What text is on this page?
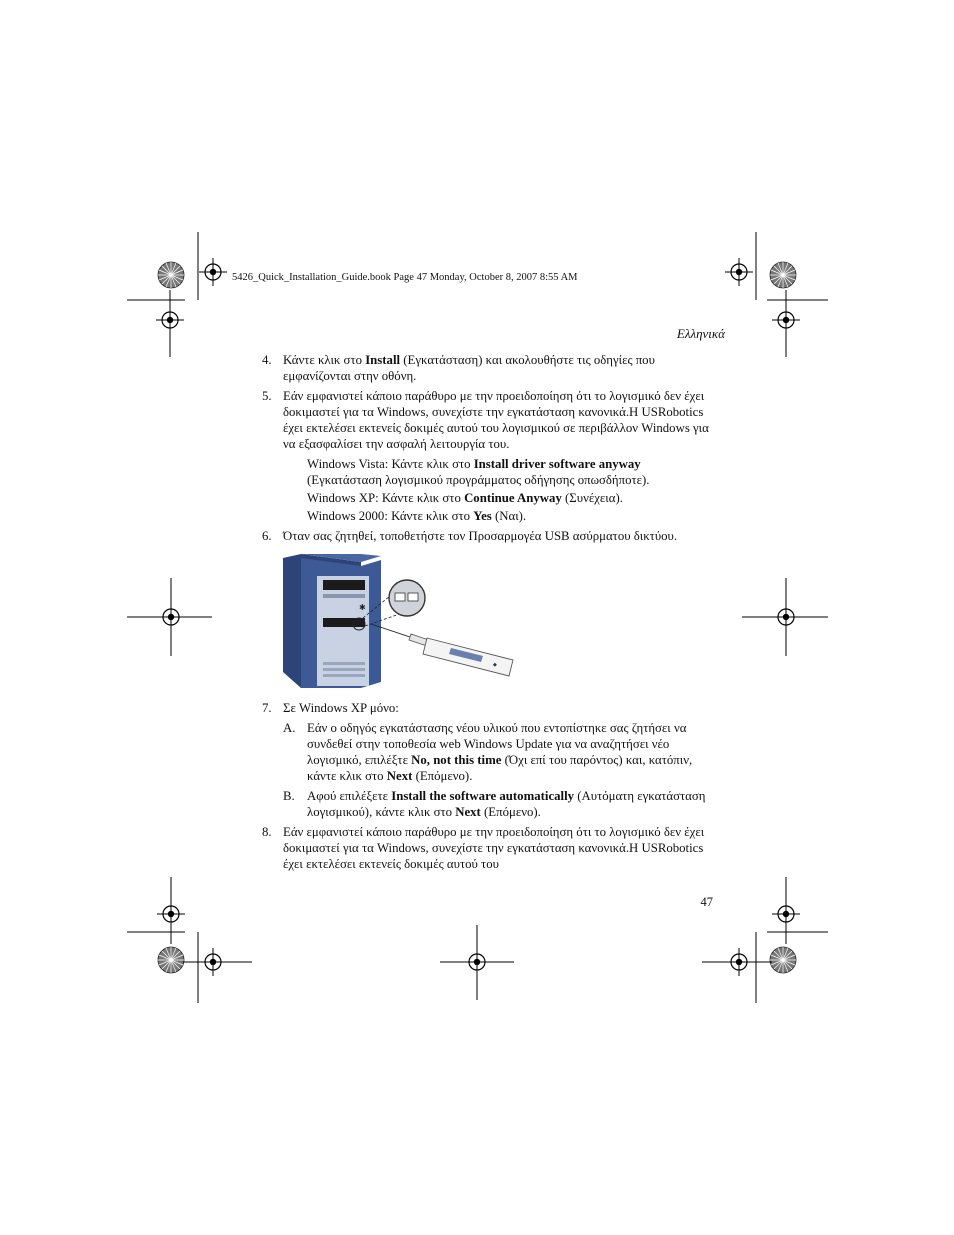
5426_Quick_Installation_Guide.book Page 47 Monday, October 8, 2007 8:55 AM
Ελληνικά
4. Κάντε κλικ στο Install (Εγκατάσταση) και ακολουθήστε τις οδηγίες που εμφανίζονται στην οθόνη.
5. Εάν εμφανιστεί κάποιο παράθυρο με την προειδοποίηση ότι το λογισμικό δεν έχει δοκιμαστεί για τα Windows, συνεχίστε την εγκατάσταση κανονικά.Η USRobotics έχει εκτελέσει εκτενείς δοκιμές αυτού του λογισμικού σε περιβάλλον Windows για να εξασφαλίσει την ασφαλή λειτουργία του.
Windows Vista: Κάντε κλικ στο Install driver software anyway (Εγκατάσταση λογισμικού προγράμματος οδήγησης οπωσδήποτε).
Windows XP: Κάντε κλικ στο Continue Anyway (Συνέχεια).
Windows 2000: Κάντε κλικ στο Yes (Ναι).
6. Όταν σας ζητηθεί, τοποθετήστε τον Προσαρμογέα USB ασύρματου δικτύου.
✱
◆
7. Σε Windows XP μόνο:
A. Εάν ο οδηγός εγκατάστασης νέου υλικού που εντοπίστηκε σας ζητήσει να συνδεθεί στην τοποθεσία web Windows Update για να αναζητήσει νέο λογισμικό, επιλέξτε No, not this time (Όχι επί του παρόντος) και, κατόπιν, κάντε κλικ στο Next (Επόμενο).
B. Αφού επιλέξετε Install the software automatically (Αυτόματη εγκατάσταση λογισμικού), κάντε κλικ στο Next (Επόμενο).
8. Εάν εμφανιστεί κάποιο παράθυρο με την προειδοποίηση ότι το λογισμικό δεν έχει δοκιμαστεί για τα Windows, συνεχίστε την εγκατάσταση κανονικά.Η USRobotics έχει εκτελέσει εκτενείς δοκιμές αυτού του
47
